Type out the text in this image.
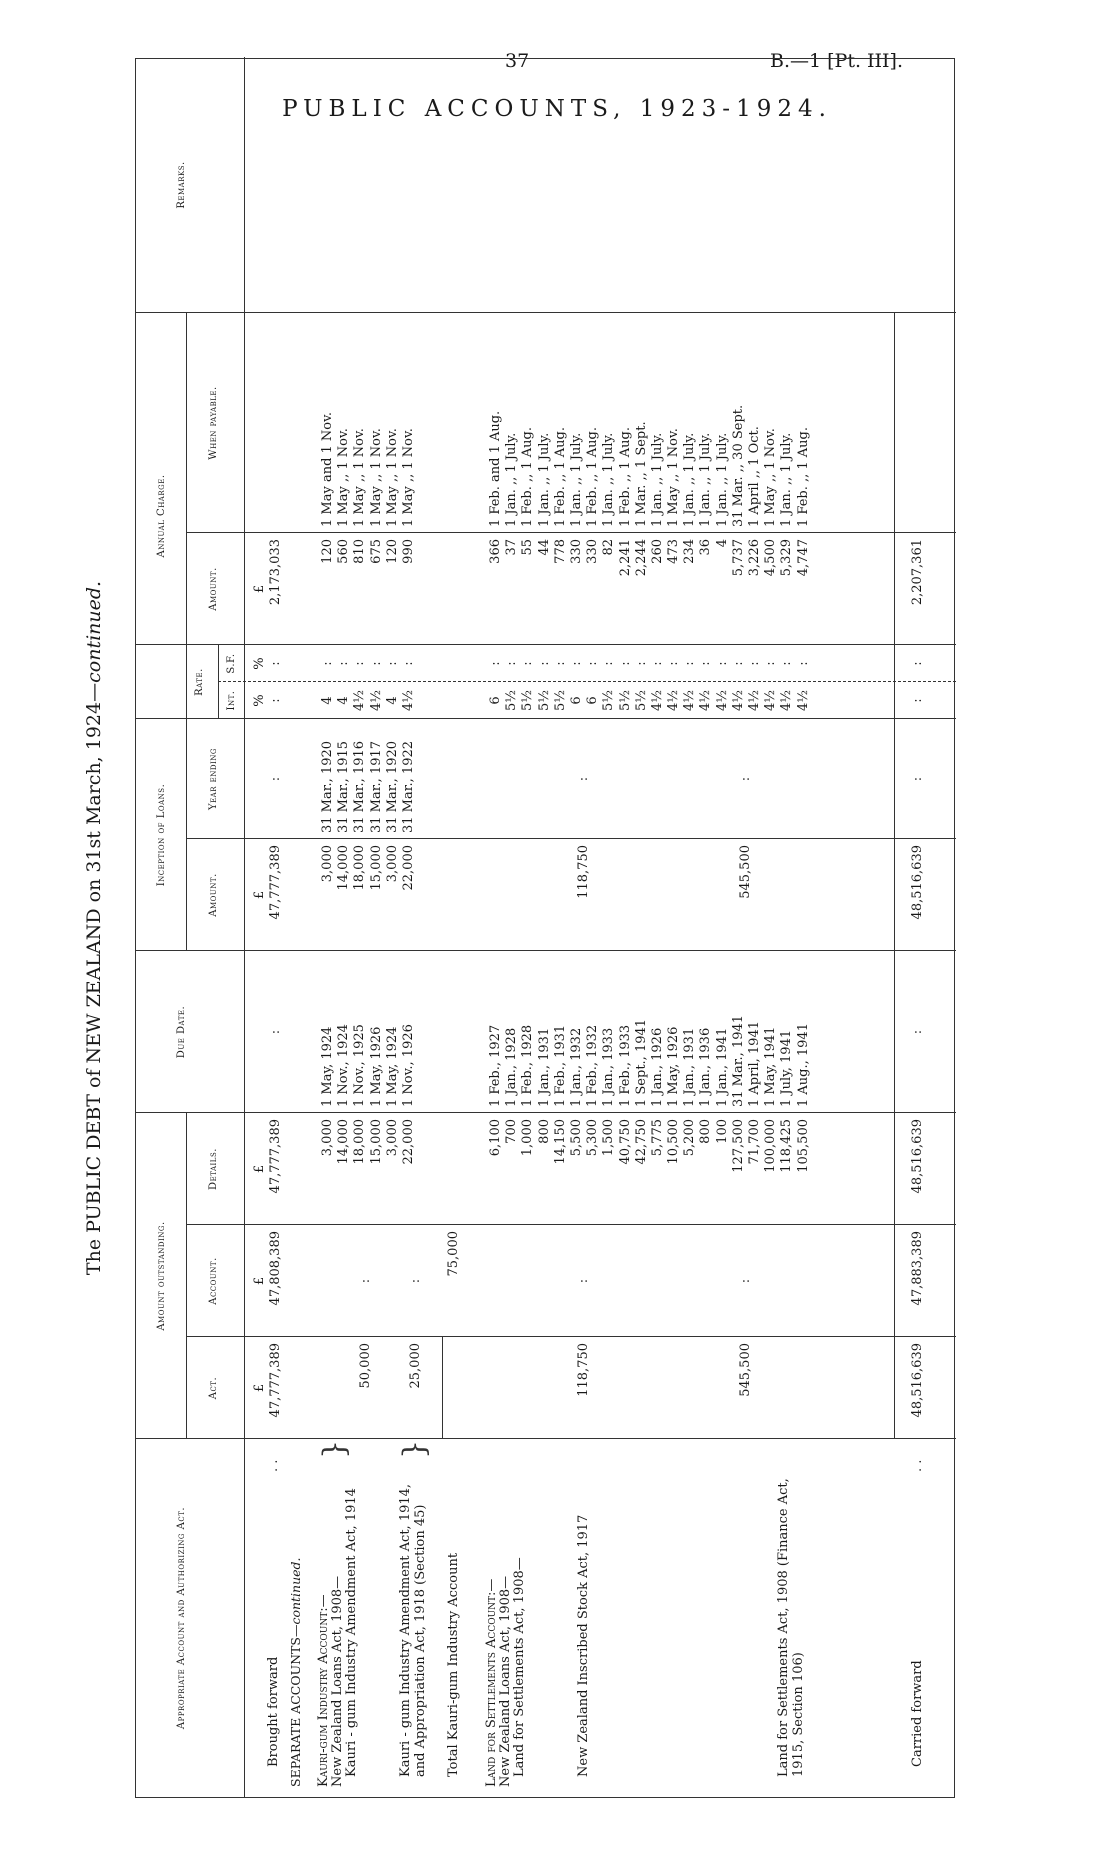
37	B.—1 [Pt. III].
PUBLIC ACCOUNTS, 1923-1924.
The PUBLIC DEBT of NEW ZEALAND on 31st March, 1924—continued.
Appropriate Account and Authorizing Act.
Amount outstanding.
Act.
Account.
Details.
Due Date.
Inception of Loans.
Amount.
Year ending
Annual Charge.
Rate.
Int.
S.F.
Amount.
When payable.
Remarks.
Brought forward
. .
£
£
£
£
£
%
%
47,777,389
47,808,389
47,777,389
:
47,777,389
:
:
:
2,173,033
SEPARATE ACCOUNTS—continued.
Kauri-gum Industry Account:— New Zealand Loans Act, 1908— Kauri - gum Industry Amendment Act, 1914
}
50,000
:
Kauri - gum Industry Amendment Act, 1914, and Appropriation Act, 1918 (Section 45)
}
25,000
:
3,000 14,000 18,000 15,000 3,000 22,000
1 May, 1924 1 Nov., 1924 1 Nov., 1925 1 May, 1926 1 May, 1924 1 Nov., 1926
3,000 14,000 18,000 15,000 3,000 22,000
31 Mar., 1920 31 Mar., 1915 31 Mar., 1916 31 Mar., 1917 31 Mar., 1920 31 Mar., 1922
4 4 4½ 4½ 4 4½
: : : : : :
120 560 810 675 120 990
1 May and 1 Nov. 1 May ,, 1 Nov. 1 May ,, 1 Nov. 1 May ,, 1 Nov. 1 May ,, 1 Nov. 1 May ,, 1 Nov.
Total Kauri-gum Industry Account
75,000
Land for Settlements Account:— New Zealand Loans Act, 1908— Land for Settlements Act, 1908—	New Zealand Inscribed Stock Act, 1917
118,750
:
118,750
:
Land for Settlements Act, 1908 (Finance Act, 1915, Section 106)
545,500
:
545,500
:
6,100 700 1,000 800 14,150 5,500 5,300 1,500 40,750 42,750 5,775 10,500 5,200 800 100 127,500 71,700 100,000 118,425 105,500
1 Feb., 1927 1 Jan., 1928 1 Feb., 1928 1 Jan., 1931 1 Feb., 1931 1 Jan., 1932 1 Feb., 1932 1 Jan., 1933 1 Feb., 1933 1 Sept., 1941 1 Jan., 1926 1 May, 1926 1 Jan., 1931 1 Jan., 1936 1 Jan., 1941 31 Mar., 1941 1 April, 1941 1 May, 1941 1 July, 1941 1 Aug., 1941
6 5½ 5½ 5½ 5½ 6 6 5½ 5½ 5½ 4½ 4½ 4½ 4½ 4½ 4½ 4½ 4½ 4½ 4½
: : : : : : : : : : : : : : : : : : : :
366 37 55 44 778 330 330 82 2,241 2,244 260 473 234 36 4 5,737 3,226 4,500 5,329 4,747
1 Feb. and 1 Aug. 1 Jan. ,, 1 July. 1 Feb. ,, 1 Aug. 1 Jan. ,, 1 July. 1 Feb. ,, 1 Aug. 1 Jan. ,, 1 July. 1 Feb. ,, 1 Aug. 1 Jan. ,, 1 July. 1 Feb. ,, 1 Aug. 1 Mar. ,, 1 Sept. 1 Jan. ,, 1 July. 1 May ,, 1 Nov. 1 Jan. ,, 1 July. 1 Jan. ,, 1 July. 1 Jan. ,, 1 July. 31 Mar. ,, 30 Sept. 1 April ,, 1 Oct. 1 May ,, 1 Nov. 1 Jan. ,, 1 July. 1 Feb. ,, 1 Aug.
Carried forward
. .
48,516,639
47,883,389
48,516,639
:
48,516,639
:
:
:
2,207,361
